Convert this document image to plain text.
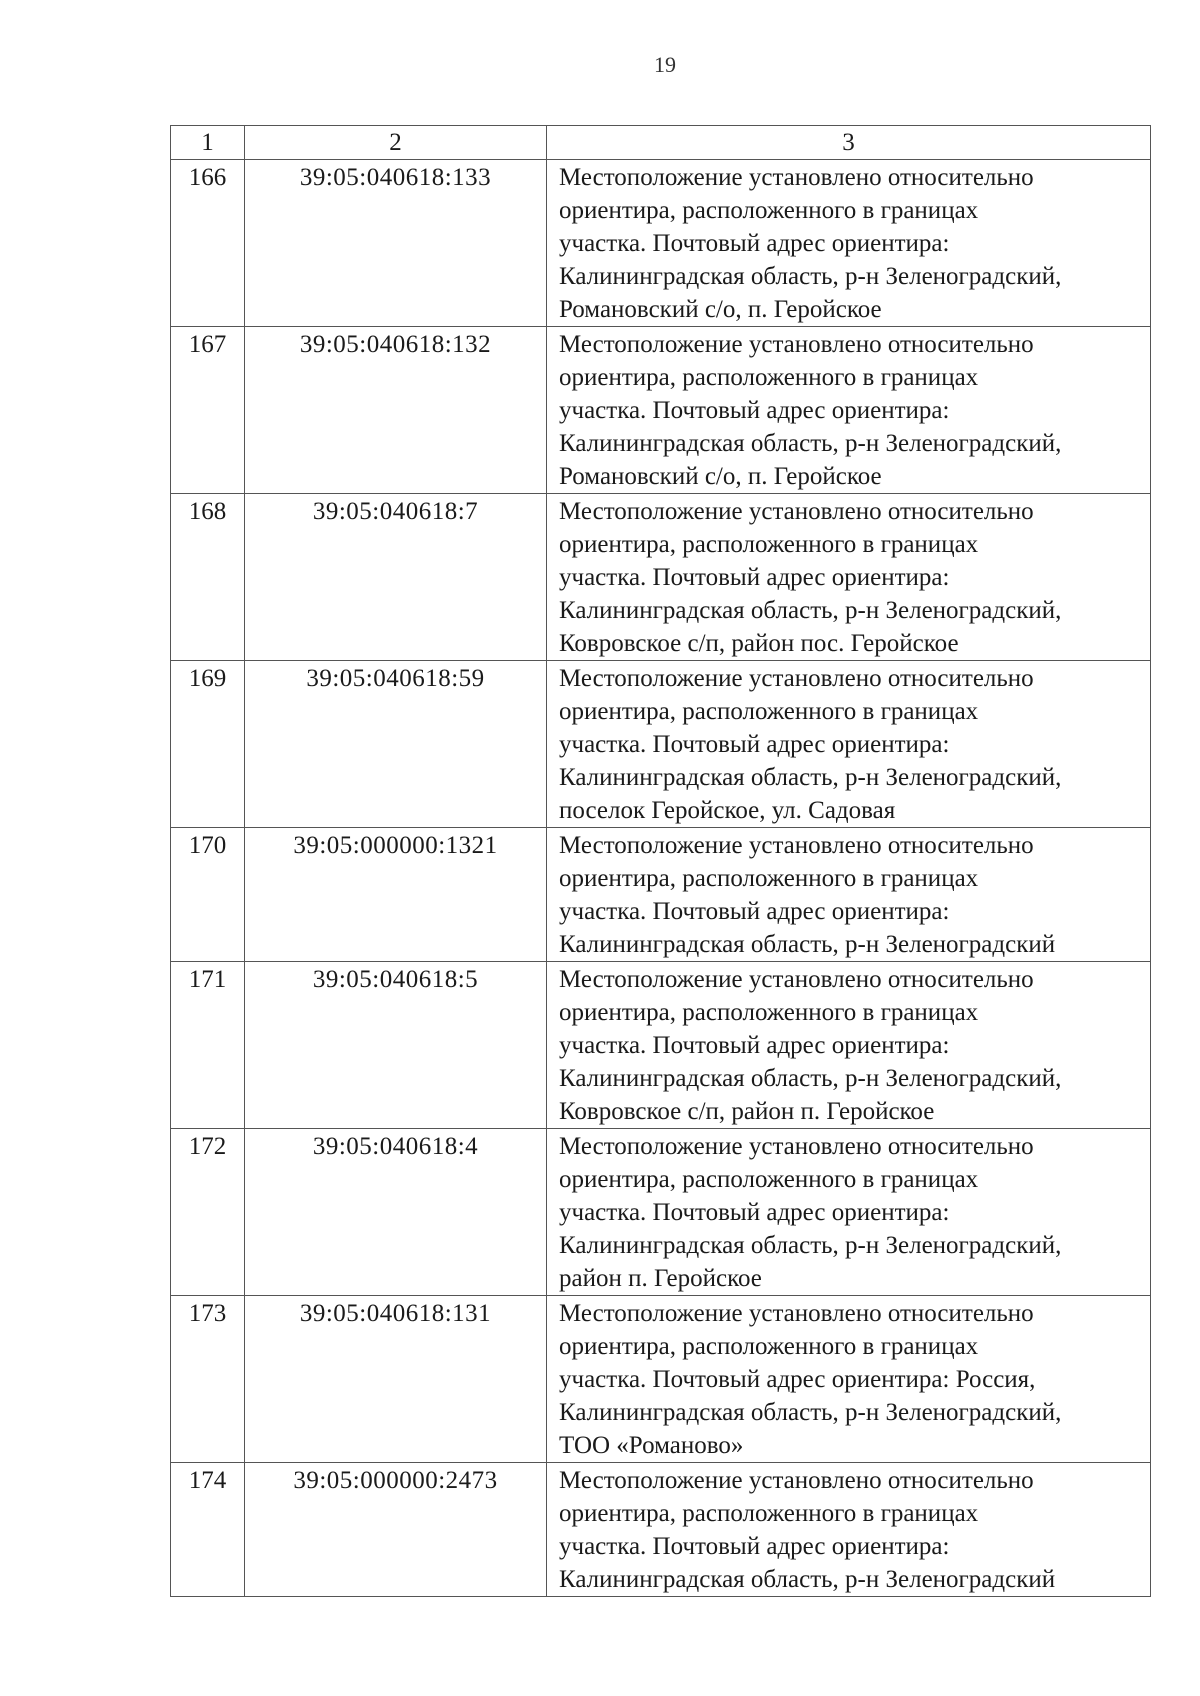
19
1	2	3
166	39:05:040618:133	Местоположение установлено относительно
ориентира, расположенного в границах
участка. Почтовый адрес ориентира:
Калининградская область, р-н Зеленоградский,
Романовский с/о, п. Геройское

167	39:05:040618:132	Местоположение установлено относительно
ориентира, расположенного в границах
участка. Почтовый адрес ориентира:
Калининградская область, р-н Зеленоградский,
Романовский с/о, п. Геройское

168	39:05:040618:7	Местоположение установлено относительно
ориентира, расположенного в границах
участка. Почтовый адрес ориентира:
Калининградская область, р-н Зеленоградский,
Ковровское с/п, район пос. Геройское

169	39:05:040618:59	Местоположение установлено относительно
ориентира, расположенного в границах
участка. Почтовый адрес ориентира:
Калининградская область, р-н Зеленоградский,
поселок Геройское, ул. Садовая

170	39:05:000000:1321	Местоположение установлено относительно
ориентира, расположенного в границах
участка. Почтовый адрес ориентира:
Калининградская область, р-н Зеленоградский

171	39:05:040618:5	Местоположение установлено относительно
ориентира, расположенного в границах
участка. Почтовый адрес ориентира:
Калининградская область, р-н Зеленоградский,
Ковровское с/п, район п. Геройское

172	39:05:040618:4	Местоположение установлено относительно
ориентира, расположенного в границах
участка. Почтовый адрес ориентира:
Калининградская область, р-н Зеленоградский,
район п. Геройское

173	39:05:040618:131	Местоположение установлено относительно
ориентира, расположенного в границах
участка. Почтовый адрес ориентира: Россия,
Калининградская область, р-н Зеленоградский,
ТОО «Романово»

174	39:05:000000:2473	Местоположение установлено относительно
ориентира, расположенного в границах
участка. Почтовый адрес ориентира:
Калининградская область, р-н Зеленоградский
